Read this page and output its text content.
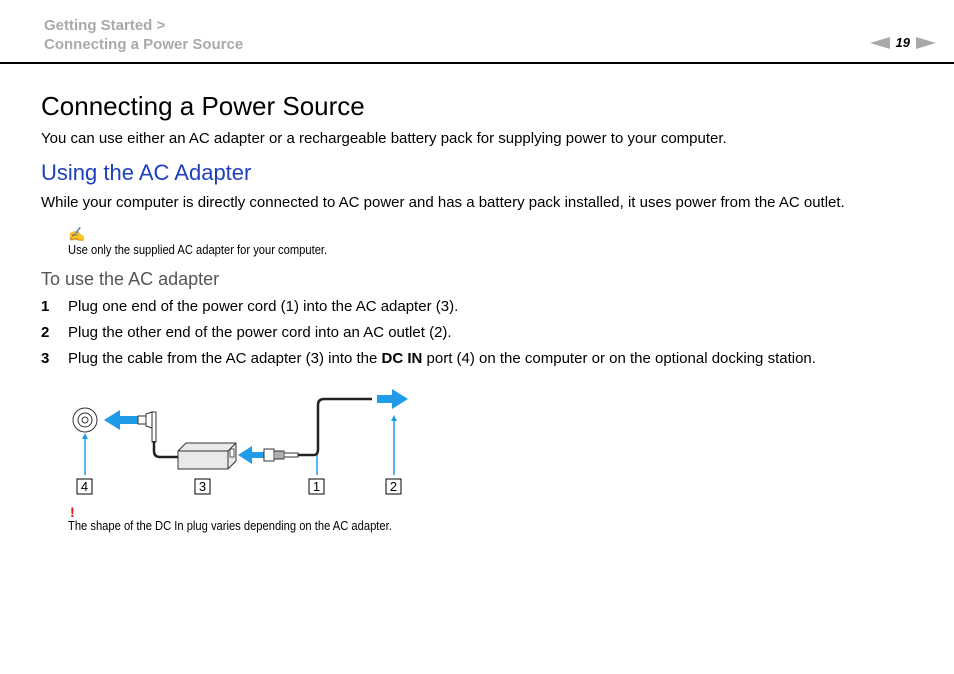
Getting Started >
Connecting a Power Source	19
Connecting a Power Source

You can use either an AC adapter or a rechargeable battery pack for supplying power to your computer.

Using the AC Adapter

While your computer is directly connected to AC power and has a battery pack installed, it uses power from the AC outlet.

✍
Use only the supplied AC adapter for your computer.
To use the AC adapter
1 Plug one end of the power cord (1) into the AC adapter (3).
2 Plug the other end of the power cord into an AC outlet (2).
3 Plug the cable from the AC adapter (3) into the DC IN port (4) on the computer or on the optional docking station.
4	3	1	2
!
The shape of the DC In plug varies depending on the AC adapter.
